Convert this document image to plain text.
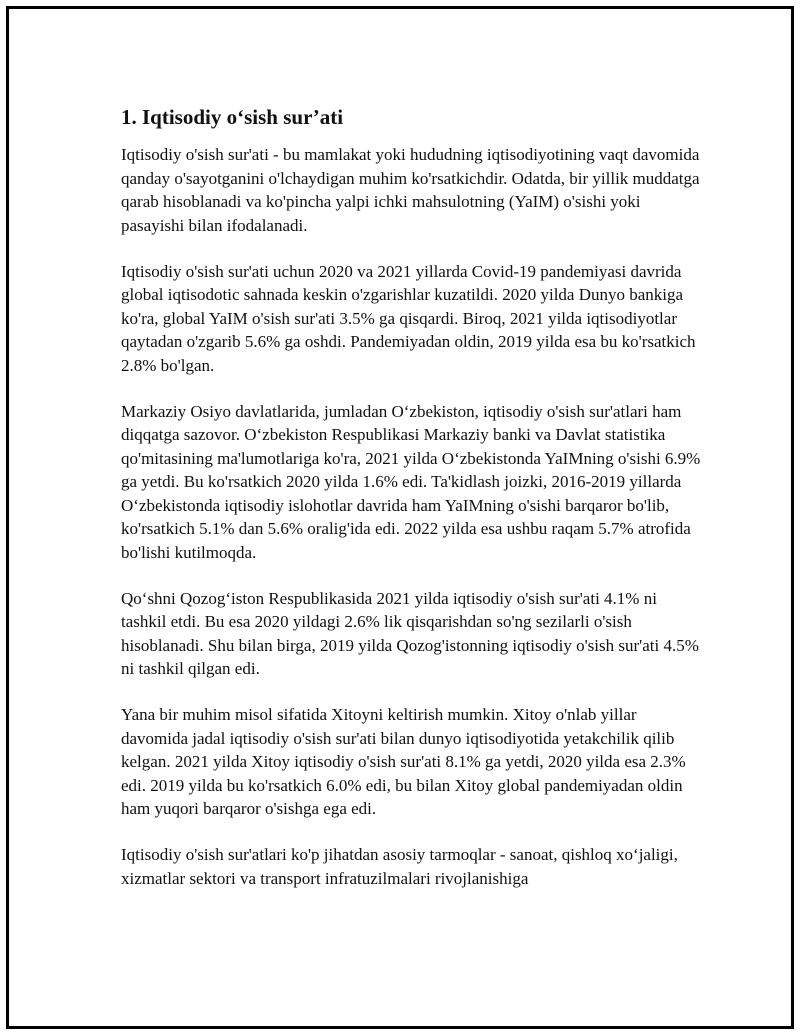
1. Iqtisodiy o‘sish sur’ati

Iqtisodiy o'sish sur'ati - bu mamlakat yoki hududning iqtisodiyotining vaqt davomida qanday o'sayotganini o'lchaydigan muhim ko'rsatkichdir. Odatda, bir yillik muddatga qarab hisoblanadi va ko'pincha yalpi ichki mahsulotning (YaIM) o'sishi yoki pasayishi bilan ifodalanadi.

Iqtisodiy o'sish sur'ati uchun 2020 va 2021 yillarda Covid-19 pandemiyasi davrida global iqtisodotic sahnada keskin o'zgarishlar kuzatildi. 2020 yilda Dunyo bankiga ko'ra, global YaIM o'sish sur'ati 3.5% ga qisqardi. Biroq, 2021 yilda iqtisodiyotlar qaytadan o'zgarib 5.6% ga oshdi. Pandemiyadan oldin, 2019 yilda esa bu ko'rsatkich 2.8% bo'lgan.

Markaziy Osiyo davlatlarida, jumladan O‘zbekiston, iqtisodiy o'sish sur'atlari ham diqqatga sazovor. O‘zbekiston Respublikasi Markaziy banki va Davlat statistika qo'mitasining ma'lumotlariga ko'ra, 2021 yilda O‘zbekistonda YaIMning o'sishi 6.9% ga yetdi. Bu ko'rsatkich 2020 yilda 1.6% edi. Ta'kidlash joizki, 2016-2019 yillarda O‘zbekistonda iqtisodiy islohotlar davrida ham YaIMning o'sishi barqaror bo'lib, ko'rsatkich 5.1% dan 5.6% oralig'ida edi. 2022 yilda esa ushbu raqam 5.7% atrofida bo'lishi kutilmoqda.

Qo‘shni Qozog‘iston Respublikasida 2021 yilda iqtisodiy o'sish sur'ati 4.1% ni tashkil etdi. Bu esa 2020 yildagi 2.6% lik qisqarishdan so'ng sezilarli o'sish hisoblanadi. Shu bilan birga, 2019 yilda Qozog'istonning iqtisodiy o'sish sur'ati 4.5% ni tashkil qilgan edi.

Yana bir muhim misol sifatida Xitoyni keltirish mumkin. Xitoy o'nlab yillar davomida jadal iqtisodiy o'sish sur'ati bilan dunyo iqtisodiyotida yetakchilik qilib kelgan. 2021 yilda Xitoy iqtisodiy o'sish sur'ati 8.1% ga yetdi, 2020 yilda esa 2.3% edi. 2019 yilda bu ko'rsatkich 6.0% edi, bu bilan Xitoy global pandemiyadan oldin ham yuqori barqaror o'sishga ega edi.

Iqtisodiy o'sish sur'atlari ko'p jihatdan asosiy tarmoqlar - sanoat, qishloq xo‘jaligi, xizmatlar sektori va transport infratuzilmalari rivojlanishiga
